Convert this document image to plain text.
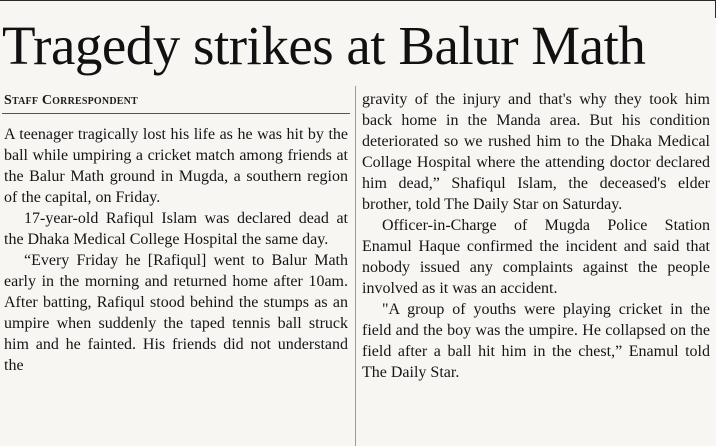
Tragedy strikes at Balur Math
Staff Correspondent

A teenager tragically lost his life as he was hit by the ball while umpiring a cricket match among friends at the Balur Math ground in Mugda, a southern region of the capital, on Friday.

17-year-old Rafiqul Islam was declared dead at the Dhaka Medical College Hospital the same day.

“Every Friday he [Rafiqul] went to Balur Math early in the morning and returned home after 10am. After batting, Rafiqul stood behind the stumps as an umpire when suddenly the taped tennis ball struck him and he fainted. His friends did not understand the

gravity of the injury and that's why they took him back home in the Manda area. But his condition deteriorated so we rushed him to the Dhaka Medical Collage Hospital where the attending doctor declared him dead,” Shafiqul Islam, the deceased's elder brother, told The Daily Star on Saturday.

Officer-in-Charge of Mugda Police Station Enamul Haque confirmed the incident and said that nobody issued any complaints against the people involved as it was an accident.

"A group of youths were playing cricket in the field and the boy was the umpire. He collapsed on the field after a ball hit him in the chest,” Enamul told The Daily Star.
